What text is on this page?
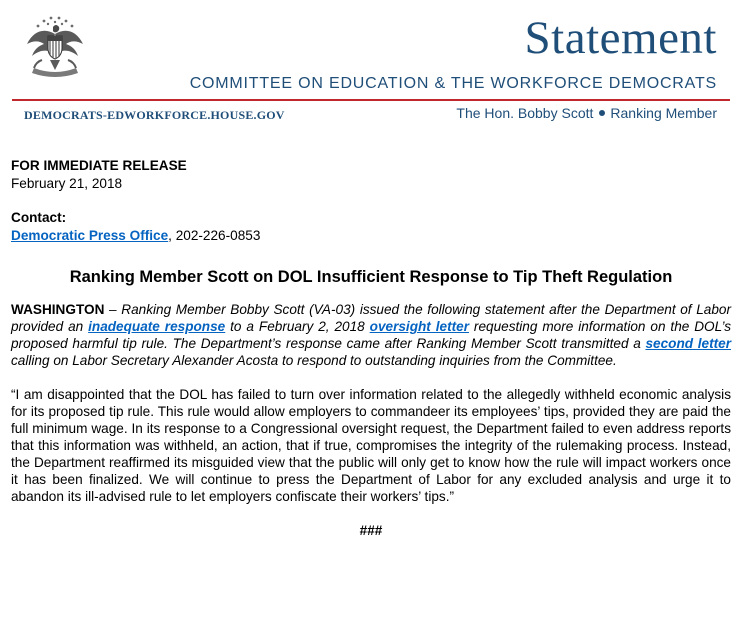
Statement
COMMITTEE ON EDUCATION & THE WORKFORCE DEMOCRATS
DEMOCRATS-EDWORKFORCE.HOUSE.GOV	The Hon. Bobby Scott Ranking Member

FOR IMMEDIATE RELEASE

February 21, 2018

Contact:

Democratic Press Office, 202-226-0853

Ranking Member Scott on DOL Insufficient Response to Tip Theft Regulation

WASHINGTON – Ranking Member Bobby Scott (VA-03) issued the following statement after the Department of Labor provided an inadequate response to a February 2, 2018 oversight letter requesting more information on the DOL’s proposed harmful tip rule. The Department’s response came after Ranking Member Scott transmitted a second letter calling on Labor Secretary Alexander Acosta to respond to outstanding inquiries from the Committee.

“I am disappointed that the DOL has failed to turn over information related to the allegedly withheld economic analysis for its proposed tip rule. This rule would allow employers to commandeer its employees’ tips, provided they are paid the full minimum wage. In its response to a Congressional oversight request, the Department failed to even address reports that this information was withheld, an action, that if true, compromises the integrity of the rulemaking process. Instead, the Department reaffirmed its misguided view that the public will only get to know how the rule will impact workers once it has been finalized. We will continue to press the Department of Labor for any excluded analysis and urge it to abandon its ill-advised rule to let employers confiscate their workers’ tips.”

###
